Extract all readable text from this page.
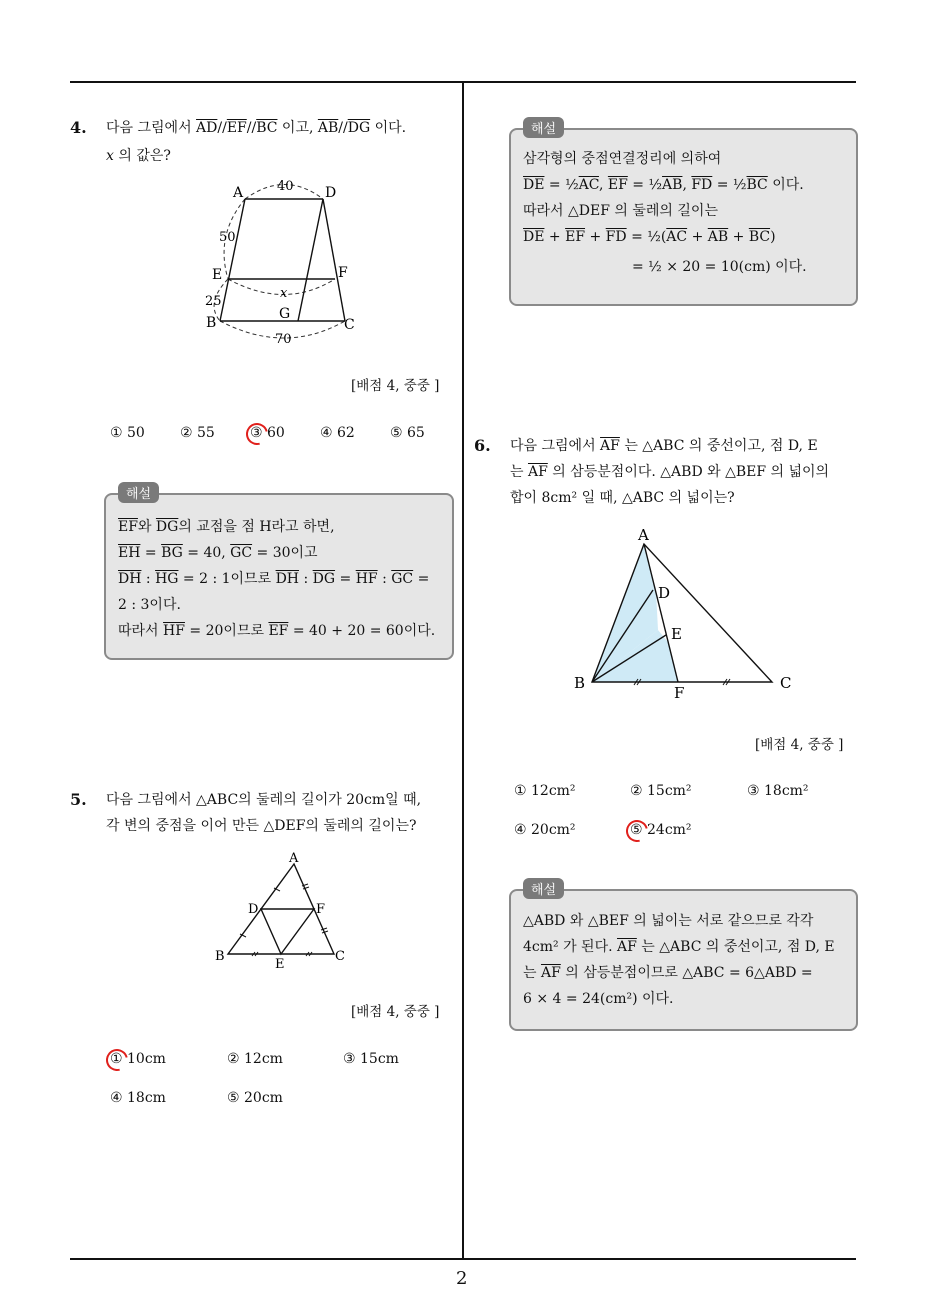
2
4. 다음 그림에서 $\overline{AD}//\overline{EF}//\overline{BC}$ 이고, $\overline{AB}//\overline{DG}$ 이다.
x 의 값은?
A	D
40
50
E	F
x
25
B
G
C
70
[배점 4, 중중 ]
① 50	② 55	③ 60	④ 62	⑤ 65
해설
$\overline{EF}$와 $\overline{DG}$의 교점을 점 H라고 하면,
$\overline{EH} = \overline{BG} = 40$, $\overline{GC} = 30$이고
$\overline{DH}$ : $\overline{HG} = 2$ : 1이므로 $\overline{DH}$ : $\overline{DG} = \overline{HF}$ : $\overline{GC}$ =
2 : 3이다.
따라서 $\overline{HF} = 20$이므로 $\overline{EF} = 40 + 20 = 60$이다.
5. 다음 그림에서 △ABC의 둘레의 길이가 20cm일 때,
각 변의 중점을 이어 만든 △DEF의 둘레의 길이는?
A
D	F
B
E
C
[배점 4, 중중 ]
① 10cm	② 12cm	③ 15cm
④ 18cm	⑤ 20cm
해설
삼각형의 중점연결정리에 의하여
$\overline{DE}$ = $\frac{1}{2}\overline{AC}$, $\overline{EF}$ = $\frac{1}{2}\overline{AB}$, $\overline{FD}$ = $\frac{1}{2}\overline{BC}$ 이다.
따라서 △DEF 의 둘레의 길이는
$\overline{DE} + \overline{EF} + \overline{FD}$ = $\frac{1}{2}(\overline{AC} + \overline{AB} + \overline{BC})$
= ½ × 20 = 10(cm) 이다.
6. 다음 그림에서 $\overline{AF}$ 는 △ABC 의 중선이고, 점 D, E
는 $\overline{AF}$ 의 삼등분점이다. △ABD 와 △BEF 의 넓이의
합이 8cm² 일 때, △ABC 의 넓이는?
A
D
E
B
F
C
[배점 4, 중중 ]
① 12cm²	② 15cm²	③ 18cm²
④ 20cm²	⑤ 24cm²
해설
△ABD 와 △BEF 의 넓이는 서로 같으므로 각각
4cm² 가 된다. $\overline{AF}$ 는 △ABC 의 중선이고, 점 D, E
는 $\overline{AF}$ 의 삼등분점이므로 △ABC = 6△ABD =
6 × 4 = 24(cm²) 이다.
